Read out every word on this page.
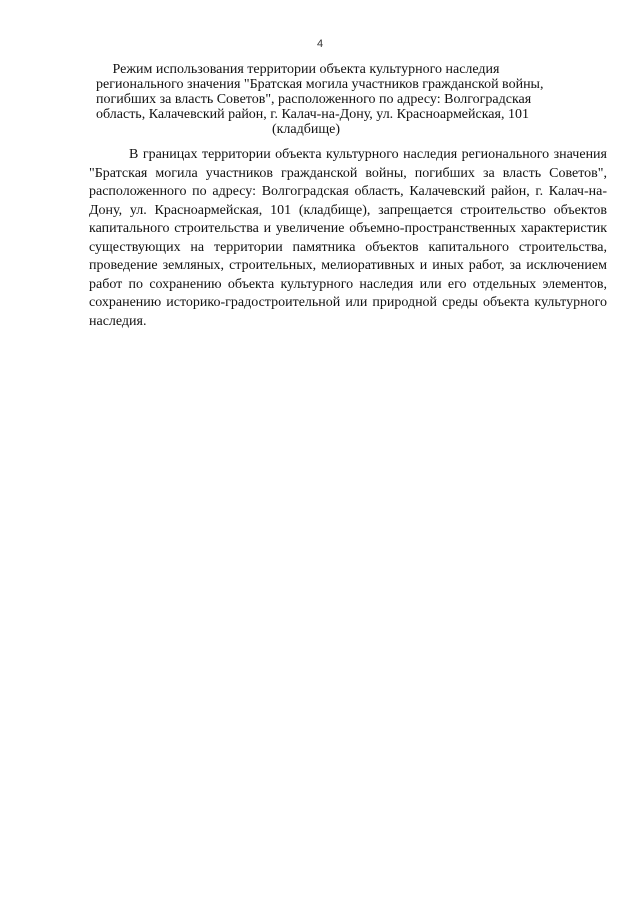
4
Режим использования территории объекта культурного наследия
регионального значения "Братская могила участников гражданской войны,
погибших за власть Советов", расположенного по адресу: Волгоградская
область, Калачевский район, г. Калач-на-Дону, ул. Красноармейская, 101
(кладбище)

В границах территории объекта культурного наследия регионального значения "Братская могила участников гражданской войны, погибших за власть Советов", расположенного по адресу: Волгоградская область, Калачевский район, г. Калач-на-Дону, ул. Красноармейская, 101 (кладбище), запрещается строительство объектов капитального строительства и увеличение объемно-пространственных характеристик существующих на территории памятника объектов капитального строительства, проведение земляных, строительных, мелиоративных и иных работ, за исключением работ по сохранению объекта культурного наследия или его отдельных элементов, сохранению историко-градостроительной или природной среды объекта культурного наследия.
